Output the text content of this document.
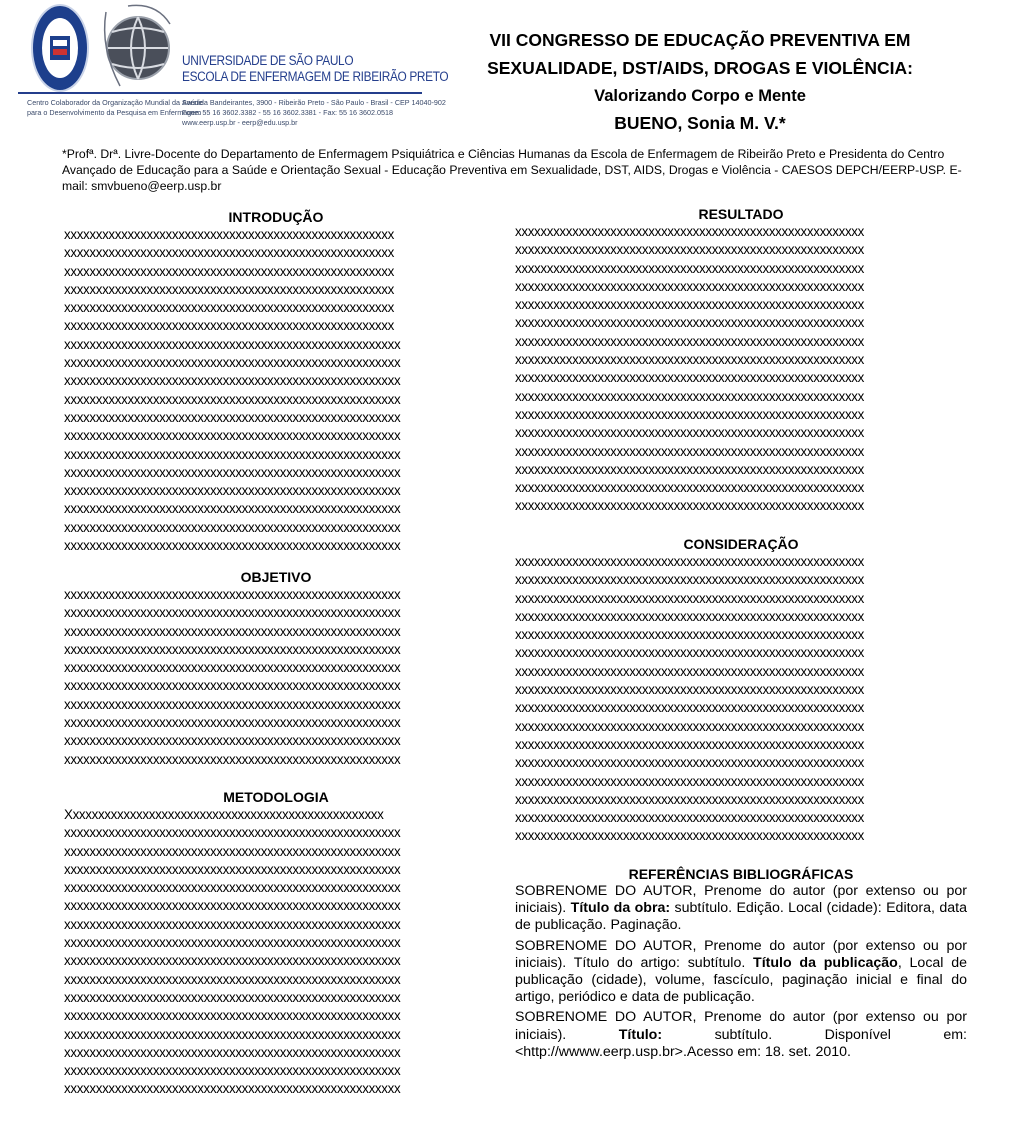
UNIVERSIDADE DE SÃO PAULO
ESCOLA DE ENFERMAGEM DE RIBEIRÃO PRETO
Centro Colaborador da Organização Mundial da Saúde
para o Desenvolvimento da Pesquisa em Enfermagem
Avenida Bandeirantes, 3900 - Ribeirão Preto - São Paulo - Brasil - CEP 14040-902
Fone: 55 16 3602.3382 - 55 16 3602.3381 - Fax: 55 16 3602.0518
www.eerp.usp.br - eerp@edu.usp.br
VII CONGRESSO DE EDUCAÇÃO PREVENTIVA EM
SEXUALIDADE, DST/AIDS, DROGAS E VIOLÊNCIA:
Valorizando Corpo e Mente
BUENO, Sonia M. V.*
*Profª. Drª. Livre-Docente do Departamento de Enfermagem Psiquiátrica e Ciências Humanas da Escola de Enfermagem de Ribeirão Preto e Presidenta do Centro Avançado de Educação para a Saúde e Orientação Sexual - Educação Preventiva em Sexualidade, DST, AIDS, Drogas e Violência - CAESOS DEPCH/EERP-USP. E-mail: smvbueno@eerp.usp.br
INTRODUÇÃO
xxxxxxxxxxxxxxxxxxxxxxxxxxxxxxxxxxxxxxxxxxxxxxxxxxxx
xxxxxxxxxxxxxxxxxxxxxxxxxxxxxxxxxxxxxxxxxxxxxxxxxxxx
xxxxxxxxxxxxxxxxxxxxxxxxxxxxxxxxxxxxxxxxxxxxxxxxxxxx
xxxxxxxxxxxxxxxxxxxxxxxxxxxxxxxxxxxxxxxxxxxxxxxxxxxx
xxxxxxxxxxxxxxxxxxxxxxxxxxxxxxxxxxxxxxxxxxxxxxxxxxxx
xxxxxxxxxxxxxxxxxxxxxxxxxxxxxxxxxxxxxxxxxxxxxxxxxxxx
xxxxxxxxxxxxxxxxxxxxxxxxxxxxxxxxxxxxxxxxxxxxxxxxxxxxx
xxxxxxxxxxxxxxxxxxxxxxxxxxxxxxxxxxxxxxxxxxxxxxxxxxxxx
xxxxxxxxxxxxxxxxxxxxxxxxxxxxxxxxxxxxxxxxxxxxxxxxxxxxx
xxxxxxxxxxxxxxxxxxxxxxxxxxxxxxxxxxxxxxxxxxxxxxxxxxxxx
xxxxxxxxxxxxxxxxxxxxxxxxxxxxxxxxxxxxxxxxxxxxxxxxxxxxx
xxxxxxxxxxxxxxxxxxxxxxxxxxxxxxxxxxxxxxxxxxxxxxxxxxxxx
xxxxxxxxxxxxxxxxxxxxxxxxxxxxxxxxxxxxxxxxxxxxxxxxxxxxx
xxxxxxxxxxxxxxxxxxxxxxxxxxxxxxxxxxxxxxxxxxxxxxxxxxxxx
xxxxxxxxxxxxxxxxxxxxxxxxxxxxxxxxxxxxxxxxxxxxxxxxxxxxx
xxxxxxxxxxxxxxxxxxxxxxxxxxxxxxxxxxxxxxxxxxxxxxxxxxxxx
xxxxxxxxxxxxxxxxxxxxxxxxxxxxxxxxxxxxxxxxxxxxxxxxxxxxx
xxxxxxxxxxxxxxxxxxxxxxxxxxxxxxxxxxxxxxxxxxxxxxxxxxxxx
OBJETIVO
xxxxxxxxxxxxxxxxxxxxxxxxxxxxxxxxxxxxxxxxxxxxxxxxxxxxx
xxxxxxxxxxxxxxxxxxxxxxxxxxxxxxxxxxxxxxxxxxxxxxxxxxxxx
xxxxxxxxxxxxxxxxxxxxxxxxxxxxxxxxxxxxxxxxxxxxxxxxxxxxx
xxxxxxxxxxxxxxxxxxxxxxxxxxxxxxxxxxxxxxxxxxxxxxxxxxxxx
xxxxxxxxxxxxxxxxxxxxxxxxxxxxxxxxxxxxxxxxxxxxxxxxxxxxx
xxxxxxxxxxxxxxxxxxxxxxxxxxxxxxxxxxxxxxxxxxxxxxxxxxxxx
xxxxxxxxxxxxxxxxxxxxxxxxxxxxxxxxxxxxxxxxxxxxxxxxxxxxx
xxxxxxxxxxxxxxxxxxxxxxxxxxxxxxxxxxxxxxxxxxxxxxxxxxxxx
xxxxxxxxxxxxxxxxxxxxxxxxxxxxxxxxxxxxxxxxxxxxxxxxxxxxx
xxxxxxxxxxxxxxxxxxxxxxxxxxxxxxxxxxxxxxxxxxxxxxxxxxxxx
METODOLOGIA
Xxxxxxxxxxxxxxxxxxxxxxxxxxxxxxxxxxxxxxxxxxxxxxxxxx
xxxxxxxxxxxxxxxxxxxxxxxxxxxxxxxxxxxxxxxxxxxxxxxxxxxxx
xxxxxxxxxxxxxxxxxxxxxxxxxxxxxxxxxxxxxxxxxxxxxxxxxxxxx
xxxxxxxxxxxxxxxxxxxxxxxxxxxxxxxxxxxxxxxxxxxxxxxxxxxxx
xxxxxxxxxxxxxxxxxxxxxxxxxxxxxxxxxxxxxxxxxxxxxxxxxxxxx
xxxxxxxxxxxxxxxxxxxxxxxxxxxxxxxxxxxxxxxxxxxxxxxxxxxxx
xxxxxxxxxxxxxxxxxxxxxxxxxxxxxxxxxxxxxxxxxxxxxxxxxxxxx
xxxxxxxxxxxxxxxxxxxxxxxxxxxxxxxxxxxxxxxxxxxxxxxxxxxxx
xxxxxxxxxxxxxxxxxxxxxxxxxxxxxxxxxxxxxxxxxxxxxxxxxxxxx
xxxxxxxxxxxxxxxxxxxxxxxxxxxxxxxxxxxxxxxxxxxxxxxxxxxxx
xxxxxxxxxxxxxxxxxxxxxxxxxxxxxxxxxxxxxxxxxxxxxxxxxxxxx
xxxxxxxxxxxxxxxxxxxxxxxxxxxxxxxxxxxxxxxxxxxxxxxxxxxxx
xxxxxxxxxxxxxxxxxxxxxxxxxxxxxxxxxxxxxxxxxxxxxxxxxxxxx
xxxxxxxxxxxxxxxxxxxxxxxxxxxxxxxxxxxxxxxxxxxxxxxxxxxxx
xxxxxxxxxxxxxxxxxxxxxxxxxxxxxxxxxxxxxxxxxxxxxxxxxxxxx
xxxxxxxxxxxxxxxxxxxxxxxxxxxxxxxxxxxxxxxxxxxxxxxxxxxxx
RESULTADO
xxxxxxxxxxxxxxxxxxxxxxxxxxxxxxxxxxxxxxxxxxxxxxxxxxxxxxx
xxxxxxxxxxxxxxxxxxxxxxxxxxxxxxxxxxxxxxxxxxxxxxxxxxxxxxx
xxxxxxxxxxxxxxxxxxxxxxxxxxxxxxxxxxxxxxxxxxxxxxxxxxxxxxx
xxxxxxxxxxxxxxxxxxxxxxxxxxxxxxxxxxxxxxxxxxxxxxxxxxxxxxx
xxxxxxxxxxxxxxxxxxxxxxxxxxxxxxxxxxxxxxxxxxxxxxxxxxxxxxx
xxxxxxxxxxxxxxxxxxxxxxxxxxxxxxxxxxxxxxxxxxxxxxxxxxxxxxx
xxxxxxxxxxxxxxxxxxxxxxxxxxxxxxxxxxxxxxxxxxxxxxxxxxxxxxx
xxxxxxxxxxxxxxxxxxxxxxxxxxxxxxxxxxxxxxxxxxxxxxxxxxxxxxx
xxxxxxxxxxxxxxxxxxxxxxxxxxxxxxxxxxxxxxxxxxxxxxxxxxxxxxx
xxxxxxxxxxxxxxxxxxxxxxxxxxxxxxxxxxxxxxxxxxxxxxxxxxxxxxx
xxxxxxxxxxxxxxxxxxxxxxxxxxxxxxxxxxxxxxxxxxxxxxxxxxxxxxx
xxxxxxxxxxxxxxxxxxxxxxxxxxxxxxxxxxxxxxxxxxxxxxxxxxxxxxx
xxxxxxxxxxxxxxxxxxxxxxxxxxxxxxxxxxxxxxxxxxxxxxxxxxxxxxx
xxxxxxxxxxxxxxxxxxxxxxxxxxxxxxxxxxxxxxxxxxxxxxxxxxxxxxx
xxxxxxxxxxxxxxxxxxxxxxxxxxxxxxxxxxxxxxxxxxxxxxxxxxxxxxx
xxxxxxxxxxxxxxxxxxxxxxxxxxxxxxxxxxxxxxxxxxxxxxxxxxxxxxx
CONSIDERAÇÃO
xxxxxxxxxxxxxxxxxxxxxxxxxxxxxxxxxxxxxxxxxxxxxxxxxxxxxxx
xxxxxxxxxxxxxxxxxxxxxxxxxxxxxxxxxxxxxxxxxxxxxxxxxxxxxxx
xxxxxxxxxxxxxxxxxxxxxxxxxxxxxxxxxxxxxxxxxxxxxxxxxxxxxxx
xxxxxxxxxxxxxxxxxxxxxxxxxxxxxxxxxxxxxxxxxxxxxxxxxxxxxxx
xxxxxxxxxxxxxxxxxxxxxxxxxxxxxxxxxxxxxxxxxxxxxxxxxxxxxxx
xxxxxxxxxxxxxxxxxxxxxxxxxxxxxxxxxxxxxxxxxxxxxxxxxxxxxxx
xxxxxxxxxxxxxxxxxxxxxxxxxxxxxxxxxxxxxxxxxxxxxxxxxxxxxxx
xxxxxxxxxxxxxxxxxxxxxxxxxxxxxxxxxxxxxxxxxxxxxxxxxxxxxxx
xxxxxxxxxxxxxxxxxxxxxxxxxxxxxxxxxxxxxxxxxxxxxxxxxxxxxxx
xxxxxxxxxxxxxxxxxxxxxxxxxxxxxxxxxxxxxxxxxxxxxxxxxxxxxxx
xxxxxxxxxxxxxxxxxxxxxxxxxxxxxxxxxxxxxxxxxxxxxxxxxxxxxxx
xxxxxxxxxxxxxxxxxxxxxxxxxxxxxxxxxxxxxxxxxxxxxxxxxxxxxxx
xxxxxxxxxxxxxxxxxxxxxxxxxxxxxxxxxxxxxxxxxxxxxxxxxxxxxxx
xxxxxxxxxxxxxxxxxxxxxxxxxxxxxxxxxxxxxxxxxxxxxxxxxxxxxxx
xxxxxxxxxxxxxxxxxxxxxxxxxxxxxxxxxxxxxxxxxxxxxxxxxxxxxxx
xxxxxxxxxxxxxxxxxxxxxxxxxxxxxxxxxxxxxxxxxxxxxxxxxxxxxxx
REFERÊNCIAS BIBLIOGRÁFICAS

SOBRENOME DO AUTOR, Prenome do autor (por extenso ou por iniciais). Título da obra: subtítulo. Edição. Local (cidade): Editora, data de publicação. Paginação.

SOBRENOME DO AUTOR, Prenome do autor (por extenso ou por iniciais). Título do artigo: subtítulo. Título da publicação, Local de publicação (cidade), volume, fascículo, paginação inicial e final do artigo, periódico e data de publicação.

SOBRENOME DO AUTOR, Prenome do autor (por extenso ou por iniciais). Título: subtítulo. Disponível em:<http://wwww.eerp.usp.br>.Acesso em: 18. set. 2010.
